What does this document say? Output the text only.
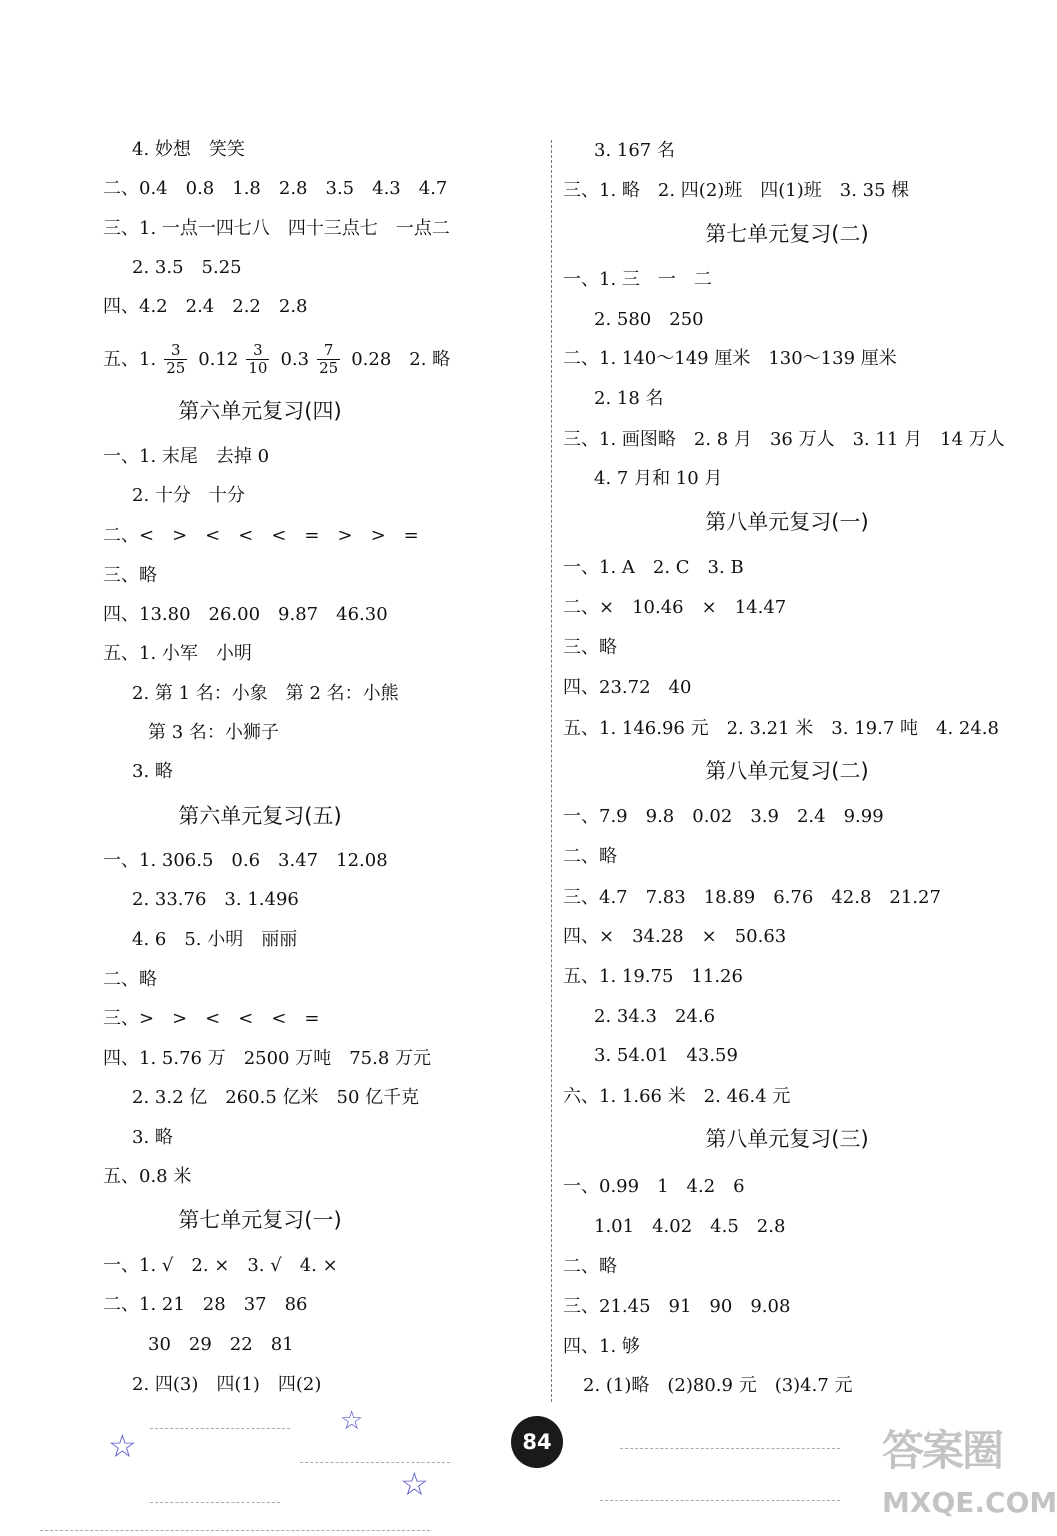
4. 妙想　笑笑
二、0.4　0.8　1.8　2.8　3.5　4.3　4.7
三、1. 一点一四七八　四十三点七　一点二
2. 3.5　5.25
四、4.2　2.4　2.2　2.8
五、1. $\frac{3}{25} 0.12 \frac{3}{10} 0.3 \frac{7}{25} 0.28$　2. 略
第六单元复习(四)
一、1. 末尾　去掉 0
2. 十分　十分
二、<　>　<　<　<　=　>　>　=
三、略
四、13.80　26.00　9.87　46.30
五、1. 小军　小明
2. 第 1 名：小象　第 2 名：小熊
第 3 名：小狮子
3. 略
第六单元复习(五)
一、1. 306.5　0.6　3.47　12.08
2. 33.76　3. 1.496
4. 6　5. 小明　丽丽
二、略
三、>　>　<　<　<　=
四、1. 5.76 万　2500 万吨　75.8 万元
2. 3.2 亿　260.5 亿米　50 亿千克
3. 略
五、0.8 米
第七单元复习(一)
一、1. √　2. ×　3. √　4. ×
二、1. 21　28　37　86
30　29　22　81
2. 四(3)　四(1)　四(2)
3. 167 名
三、1. 略　2. 四(2)班　四(1)班　3. 35 棵
第七单元复习(二)
一、1. 三　一　二
2. 580　250
二、1. 140～149 厘米　130～139 厘米
2. 18 名
三、1. 画图略　2. 8 月　36 万人　3. 11 月　14 万人
4. 7 月和 10 月
第八单元复习(一)
一、1. A　2. C　3. B
二、×　10.46　×　14.47
三、略
四、23.72　40
五、1. 146.96 元　2. 3.21 米　3. 19.7 吨　4. 24.8
第八单元复习(二)
一、7.9　9.8　0.02　3.9　2.4　9.99
二、略
三、4.7　7.83　18.89　6.76　42.8　21.27
四、×　34.28　×　50.63
五、1. 19.75　11.26
2. 34.3　24.6
3. 54.01　43.59
六、1. 1.66 米　2. 46.4 元
第八单元复习(三)
一、0.99　1　4.2　6
1.01　4.02　4.5　2.8
二、略
三、21.45　91　90　9.08
四、1. 够
2. (1)略　(2)80.9 元　(3)4.7 元
☆
☆
☆
84	答案圈
MXQE.COM
